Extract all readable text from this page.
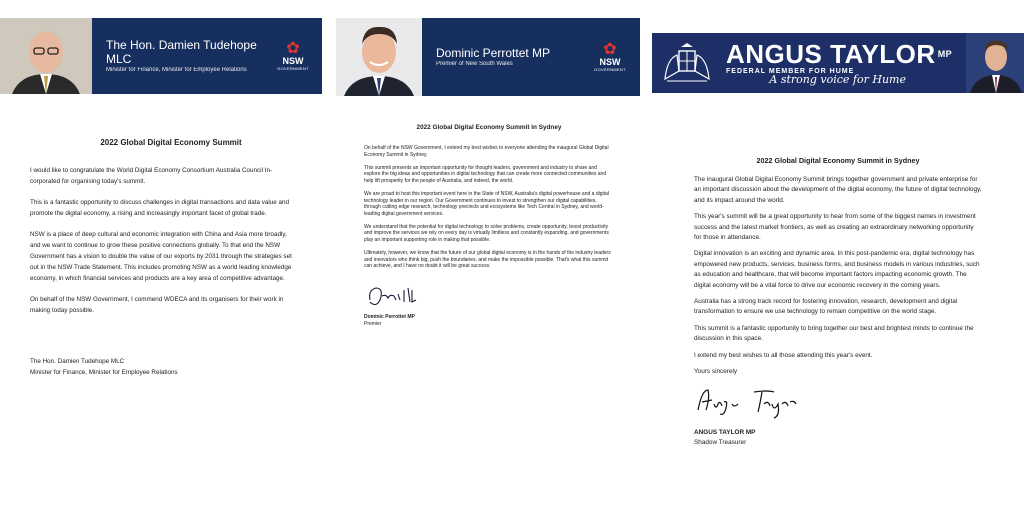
The Hon. Damien Tudehope MLC
Minister for Finance, Minister for Employee Relations
✿
NSW
GOVERNMENT
2022 Global Digital Economy Summit

I would like to congratulate the World Digital Economy Consortium Australia Council In-corporated for organising today's summit.

This is a fantastic opportunity to discuss challenges in digital transactions and data value and promote the digital economy, a rising and increasingly important facet of global trade.

NSW is a place of deep cultural and economic integration with China and Asia more broadly, and we want to continue to grow these positive connections globally. To that end the NSW Government has a vision to double the value of our exports by 2031 through the strategies set out in the NSW Trade Statement. This includes promoting NSW as a world leading knowledge economy, in which financial services and products are a key area of competitive advantage.

On behalf of the NSW Government, I commend WDECA and its organisers for their work in making today possible.

The Hon. Damien Tudehope MLC
Minister for Finance, Minister for Employee Relations
Dominic Perrottet MP
Premier of New South Wales
✿
NSW
GOVERNMENT
2022 Global Digital Economy Summit in Sydney

On behalf of the NSW Government, I extend my best wishes to everyone attending the inaugural Global Digital Economy Summit in Sydney.

This summit presents an important opportunity for thought leaders, government and industry to share and explore the big ideas and opportunities in digital technology that can create more connected communities and help lift prosperity for the people of Australia, and indeed, the world.

We are proud to host this important event here in the State of NSW, Australia's digital powerhouse and a digital technology leader in our region. Our Government continues to invest to strengthen our digital capabilities, through cutting edge research, technology precincts and ecosystems like Tech Central in Sydney, and world-leading digital government services.

We understand that the potential for digital technology to solve problems, create opportunity, boost productivity and improve the services we rely on every day is virtually limitless and constantly expanding, and governments play an important supporting role in making that possible.

Ultimately, however, we know that the future of our global digital economy is in the hands of the industry leaders and innovators who think big, push the boundaries, and make the impossible possible. That's what this summit can achieve, and I have no doubt it will be great success.

Dominic Perrottet MP
Premier
ANGUS TAYLOR $^{MP}$
FEDERAL MEMBER FOR HUME
A strong voice for Hume
2022 Global Digital Economy Summit in Sydney

The inaugural Global Digital Economy Summit brings together government and private enterprise for an important discussion about the development of the digital economy, the future of digital technology, and its impact around the world.

This year's summit will be a great opportunity to hear from some of the biggest names in investment success and the latest market frontiers, as well as creating an extraordinary networking opportunity for those in attendance.

Digital innovation is an exciting and dynamic area. In this post-pandemic era, digital technology has empowered new products, services, business forms, and business models in various industries, such as education and healthcare, that will become important factors impacting economic growth. The digital economy will be a vital force to drive our economic recovery in the coming years.

Australia has a strong track record for fostering innovation, research, development and digital transformation to ensure we use technology to remain competitive on the world stage.

This summit is a fantastic opportunity to bring together our best and brightest minds to continue the discussion in this space.

I extend my best wishes to all those attending this year's event.

Yours sincerely

ANGUS TAYLOR MP
Shadow Treasurer
